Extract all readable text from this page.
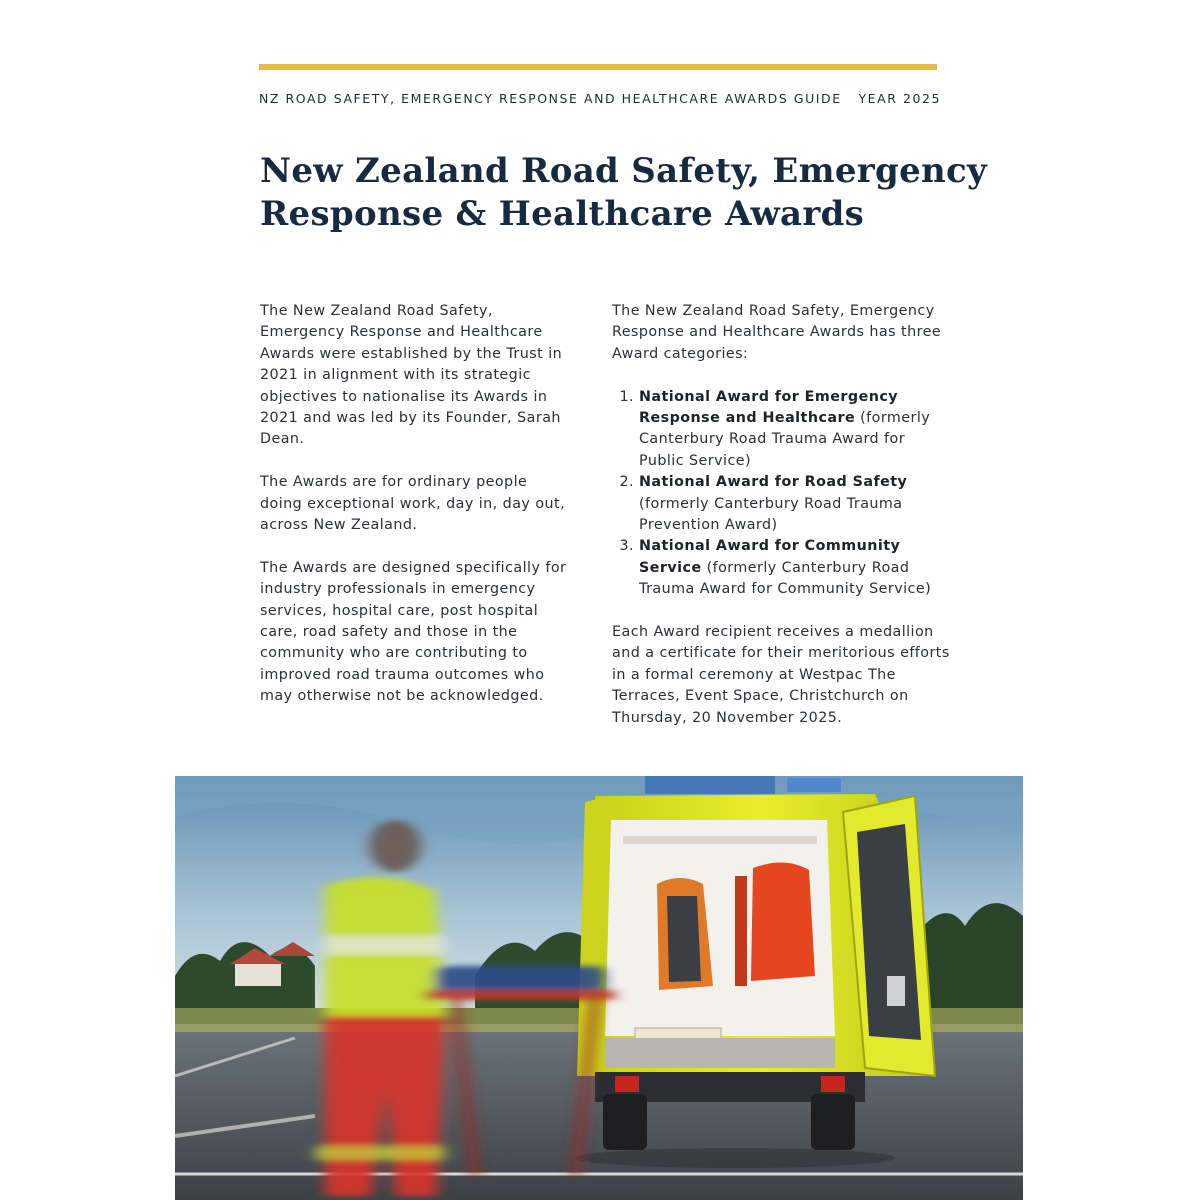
NZ ROAD SAFETY, EMERGENCY RESPONSE AND HEALTHCARE AWARDS GUIDE YEAR 2025
New Zealand Road Safety, Emergency
Response & Healthcare Awards

The New Zealand Road Safety, Emergency Response and Healthcare Awards were established by the Trust in 2021 in alignment with its strategic objectives to nationalise its Awards in 2021 and was led by its Founder, Sarah Dean.

The Awards are for ordinary people doing exceptional work, day in, day out, across New Zealand.

The Awards are designed specifically for industry professionals in emergency services, hospital care, post hospital care, road safety and those in the community who are contributing to improved road trauma outcomes who may otherwise not be acknowledged.

The New Zealand Road Safety, Emergency Response and Healthcare Awards has three Award categories:

1. National Award for Emergency Response and Healthcare (formerly Canterbury Road Trauma Award for Public Service)
2. National Award for Road Safety (formerly Canterbury Road Trauma Prevention Award)
3. National Award for Community Service (formerly Canterbury Road Trauma Award for Community Service)

Each Award recipient receives a medallion and a certificate for their meritorious efforts in a formal ceremony at Westpac The Terraces, Event Space, Christchurch on Thursday, 20 November 2025.
